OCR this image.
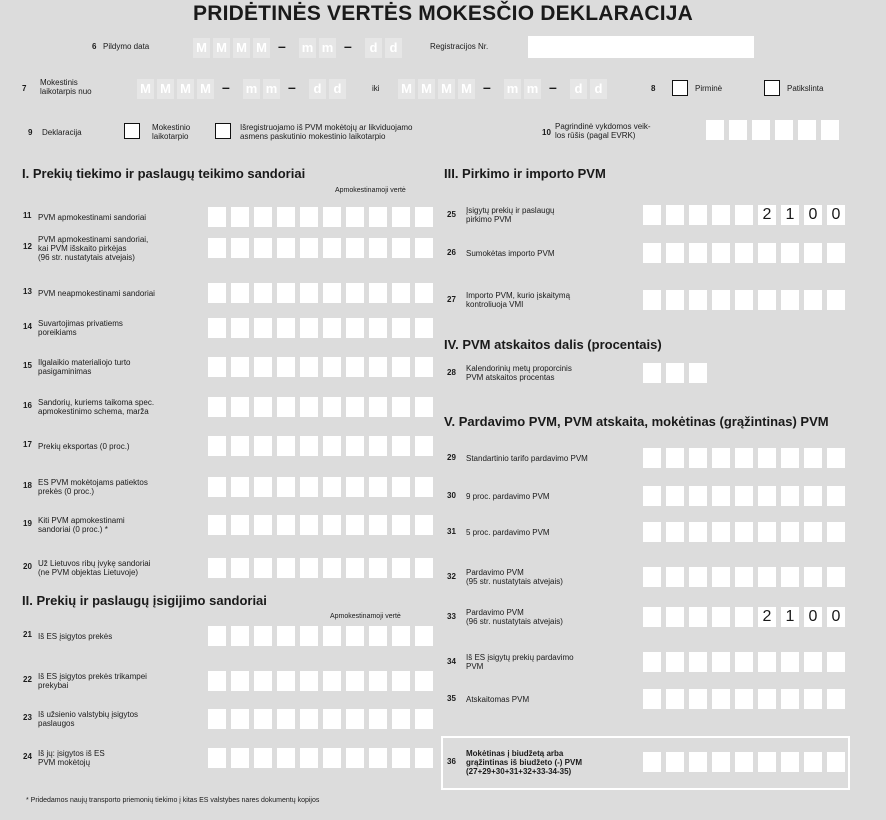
PRIDĖTINĖS VERTĖS MOKESČIO DEKLARACIJA
6 Pildymo data	M M M M – m m –	d d	Registracijos Nr.
7
Mokestinis
laikotarpis nuo	M M M M – m m –	d d	iki M M M M – m m –	d d	8	Pirminė	Patikslinta
9 Deklaracija
Mokestinio
laikotarpio
Išregistruojamo iš PVM mokėtojų ar likviduojamo
asmens paskutinio mokestinio laikotarpio	10
Pagrindinė vykdomos veik-
los rūšis (pagal EVRK)
I. Prekių tiekimo ir paslaugų teikimo sandoriai
Apmokestinamoji vertė
II. Prekių ir paslaugų įsigijimo sandoriai
Apmokestinamoji vertė
III. Pirkimo ir importo PVM
IV. PVM atskaitos dalis (procentais)
V. Pardavimo PVM, PVM atskaita, mokėtinas (grąžintinas) PVM
11 PVM apmokestinami sandoriai
12
PVM apmokestinami sandoriai,
kai PVM išskaito pirkėjas
(96 str. nustatytais atvejais)
13 PVM neapmokestinami sandoriai
14 Suvartojimas privatiems
poreikiams
15 Ilgalaikio materialiojo turto
pasigaminimas
16 Sandorių, kuriems taikoma spec.
apmokestinimo schema, marža
17 Prekių eksportas (0 proc.)
18 ES PVM mokėtojams patiektos
prekės (0 proc.)
19 Kiti PVM apmokestinami
sandoriai (0 proc.) *
20 Už Lietuvos ribų įvykę sandoriai
(ne PVM objektas Lietuvoje)
21 Iš ES įsigytos prekės
22 Iš ES įsigytos prekės trikampei
prekybai
23 Iš užsienio valstybių įsigytos
paslaugos
24 Iš jų: įsigytos iš ES
PVM mokėtojų
25 Įsigytų prekių ir paslaugų
pirkimo PVM	2 1 0 0
26 Sumokėtas importo PVM
27 Importo PVM, kurio įskaitymą
kontroliuoja VMI
28 Kalendorinių metų proporcinis
PVM atskaitos procentas
29 Standartinio tarifo pardavimo PVM
30 9 proc. pardavimo PVM
31 5 proc. pardavimo PVM
32 Pardavimo PVM
(95 str. nustatytais atvejais)
33 Pardavimo PVM
(96 str. nustatytais atvejais)	2 1 0 0
34 Iš ES įsigytų prekių pardavimo
PVM
35 Atskaitomas PVM
36
Mokėtinas į biudžetą arba
grąžintinas iš biudžeto (-) PVM
(27+29+30+31+32+33-34-35)
* Pridedamos naujų transporto priemonių tiekimo į kitas ES valstybes nares dokumentų kopijos
